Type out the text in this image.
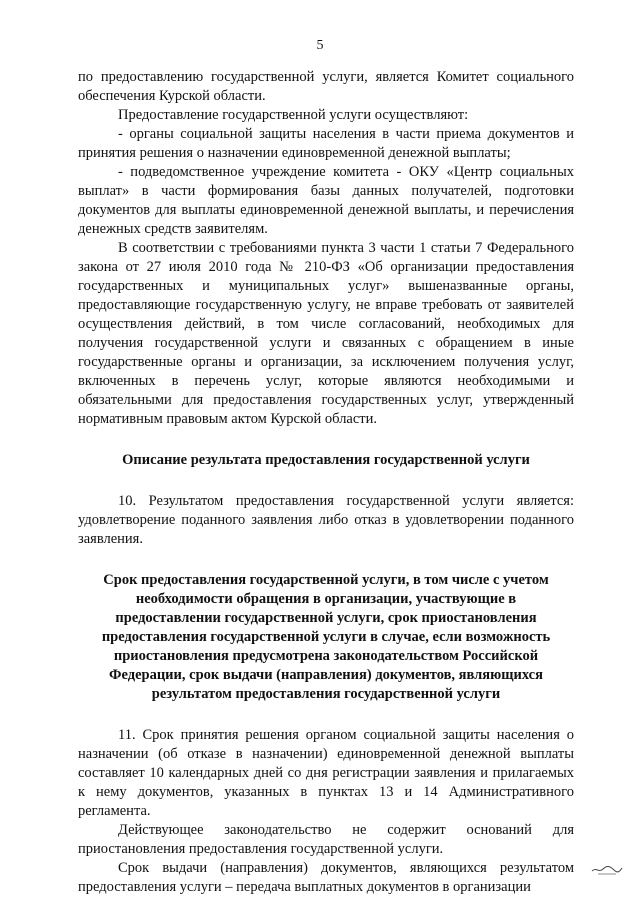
5

по предоставлению государственной услуги, является Комитет социального обеспечения Курской области.

Предоставление государственной услуги осуществляют:

- органы социальной защиты населения в части приема документов и принятия решения о назначении единовременной денежной выплаты;

- подведомственное учреждение комитета - ОКУ «Центр социальных выплат» в части формирования базы данных получателей, подготовки документов для выплаты единовременной денежной выплаты, и перечисления денежных средств заявителям.

В соответствии с требованиями пункта 3 части 1 статьи 7 Федерального закона от 27 июля 2010 года № 210-ФЗ «Об организации предоставления государственных и муниципальных услуг» вышеназванные органы, предоставляющие государственную услугу, не вправе требовать от заявителей осуществления действий, в том числе согласований, необходимых для получения государственной услуги и связанных с обращением в иные государственные органы и организации, за исключением получения услуг, включенных в перечень услуг, которые являются необходимыми и обязательными для предоставления государственных услуг, утвержденный нормативным правовым актом Курской области.

Описание результата предоставления государственной услуги

10. Результатом предоставления государственной услуги является: удовлетворение поданного заявления либо отказ в удовлетворении поданного заявления.

Срок предоставления государственной услуги, в том числе с учетом необходимости обращения в организации, участвующие в предоставлении государственной услуги, срок приостановления предоставления государственной услуги в случае, если возможность приостановления предусмотрена законодательством Российской Федерации, срок выдачи (направления) документов, являющихся результатом предоставления государственной услуги

11. Срок принятия решения органом социальной защиты населения о назначении (об отказе в назначении) единовременной денежной выплаты составляет 10 календарных дней со дня регистрации заявления и прилагаемых к нему документов, указанных в пунктах 13 и 14 Административного регламента.

Действующее законодательство не содержит оснований для приостановления предоставления государственной услуги.

Срок выдачи (направления) документов, являющихся результатом предоставления услуги – передача выплатных документов в организации
